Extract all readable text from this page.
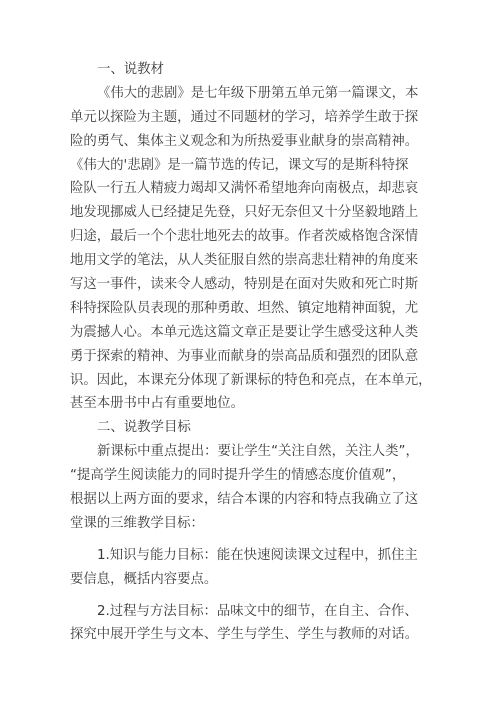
一、说教材
《伟大的悲剧》是七年级下册第五单元第一篇课文，本
单元以探险为主题，通过不同题材的学习，培养学生敢于探
险的勇气、集体主义观念和为所热爱事业献身的崇高精神。
《伟大的'悲剧》是一篇节选的传记，课文写的是斯科特探
险队一行五人精疲力竭却又满怀希望地奔向南极点，却悲哀
地发现挪威人已经捷足先登，只好无奈但又十分坚毅地踏上
归途，最后一个个悲壮地死去的故事。作者茨威格饱含深情
地用文学的笔法，从人类征服自然的崇高悲壮精神的角度来
写这一事件，读来令人感动，特别是在面对失败和死亡时斯
科特探险队员表现的那种勇敢、坦然、镇定地精神面貌，尤
为震撼人心。本单元选这篇文章正是要让学生感受这种人类
勇于探索的精神、为事业而献身的崇高品质和强烈的团队意
识。因此，本课充分体现了新课标的特色和亮点，在本单元，
甚至本册书中占有重要地位。
二、说教学目标
新课标中重点提出：要让学生“关注自然，关注人类”，
“提高学生阅读能力的同时提升学生的情感态度价值观”，
根据以上两方面的要求，结合本课的内容和特点我确立了这
堂课的三维教学目标：
1.知识与能力目标：能在快速阅读课文过程中，抓住主
要信息，概括内容要点。
2.过程与方法目标：品味文中的细节，在自主、合作、
探究中展开学生与文本、学生与学生、学生与教师的对话。
